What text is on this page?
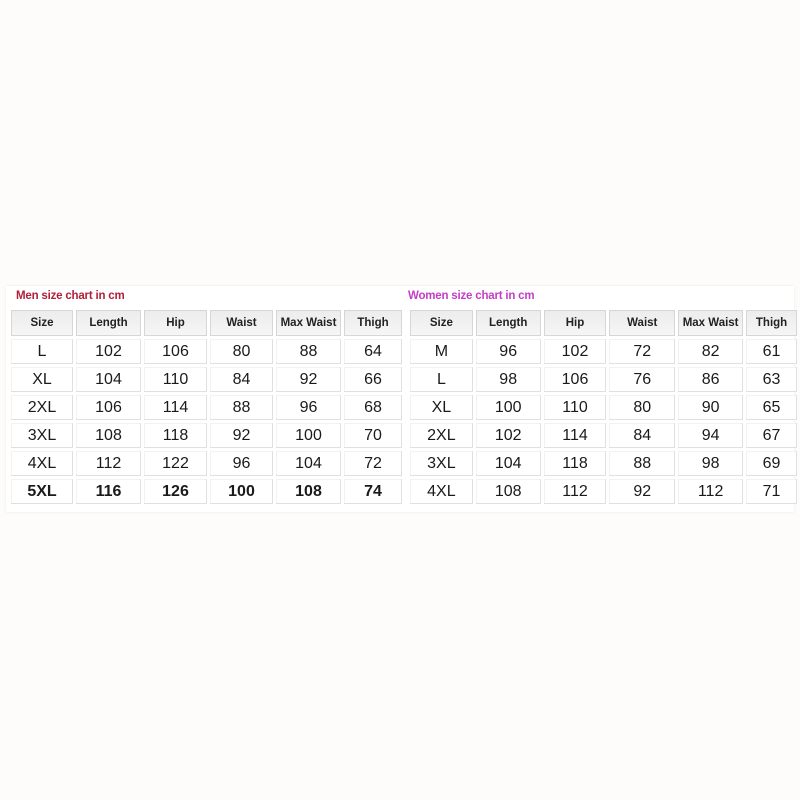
Men size chart in cm	Women size chart in cm
Size	Length	Hip	Waist	Max Waist	Thigh
L	102	106	80	88	64
XL	104	110	84	92	66
2XL	106	114	88	96	68
3XL	108	118	92	100	70
4XL	112	122	96	104	72
5XL	116	126	100	108	74
Size	Length	Hip	Waist	Max Waist	Thigh
M	96	102	72	82	61
L	98	106	76	86	63
XL	100	110	80	90	65
2XL	102	114	84	94	67
3XL	104	118	88	98	69
4XL	108	112	92	112	71
